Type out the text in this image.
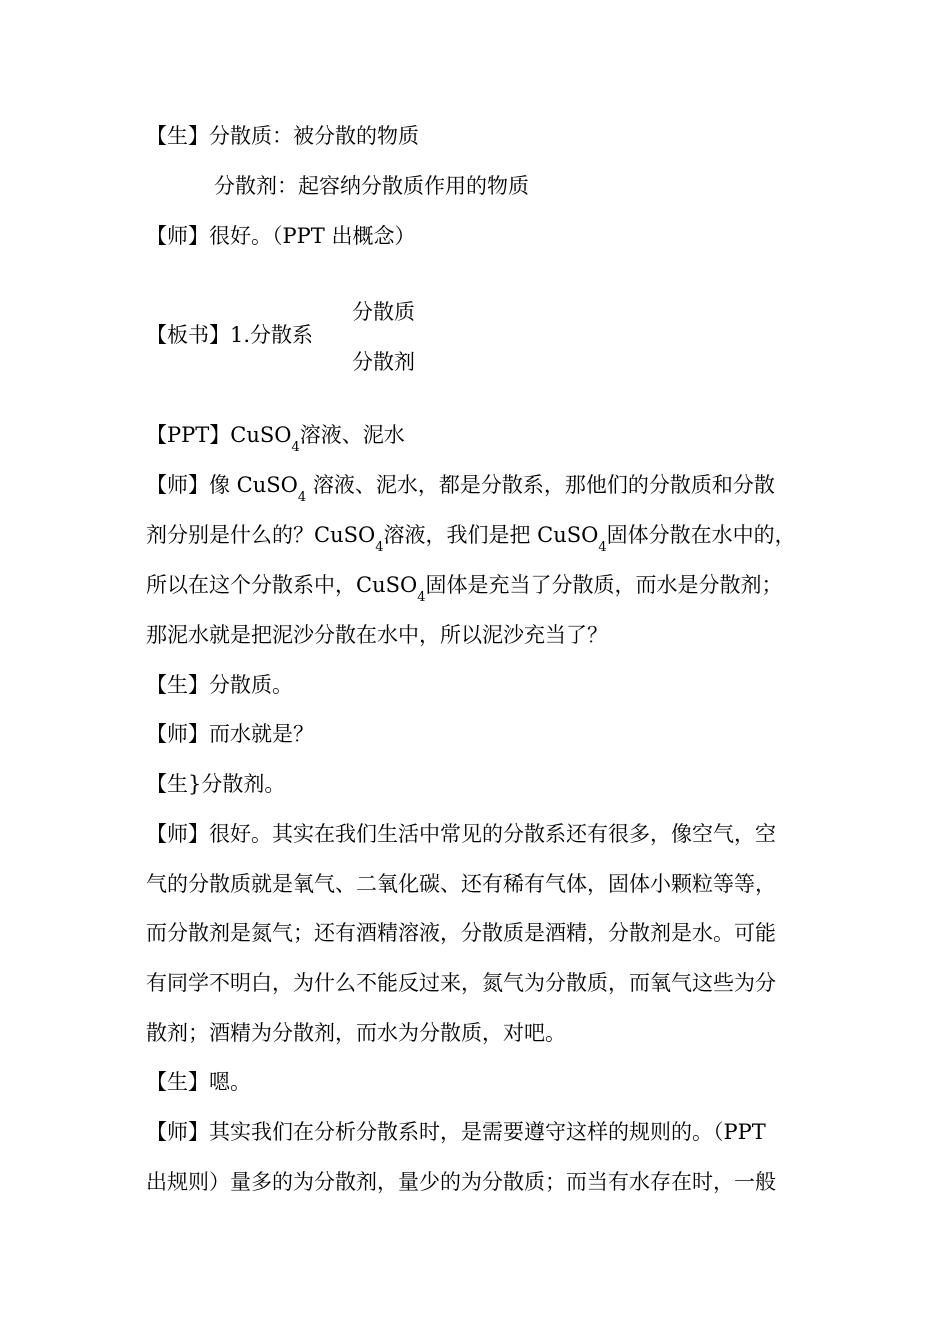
【生】分散质：被分散的物质
分散剂：起容纳分散质作用的物质
【师】很好。（PPT 出概念）
【板书】1.分散系
分散质
分散剂
【PPT】CuSO$_4$溶液、泥水
【师】像 CuSO$_4$ 溶液、泥水，都是分散系，那他们的分散质和分散
剂分别是什么的？CuSO$_4$溶液，我们是把 CuSO$_4$固体分散在水中的，
所以在这个分散系中，CuSO$_4$固体是充当了分散质，而水是分散剂；
那泥水就是把泥沙分散在水中，所以泥沙充当了？
【生】分散质。
【师】而水就是？
【生}分散剂。
【师】很好。其实在我们生活中常见的分散系还有很多，像空气，空
气的分散质就是氧气、二氧化碳、还有稀有气体，固体小颗粒等等，
而分散剂是氮气；还有酒精溶液，分散质是酒精，分散剂是水。可能
有同学不明白，为什么不能反过来，氮气为分散质，而氧气这些为分
散剂；酒精为分散剂，而水为分散质，对吧。
【生】嗯。
【师】其实我们在分析分散系时，是需要遵守这样的规则的。（PPT
出规则）量多的为分散剂，量少的为分散质；而当有水存在时，一般
